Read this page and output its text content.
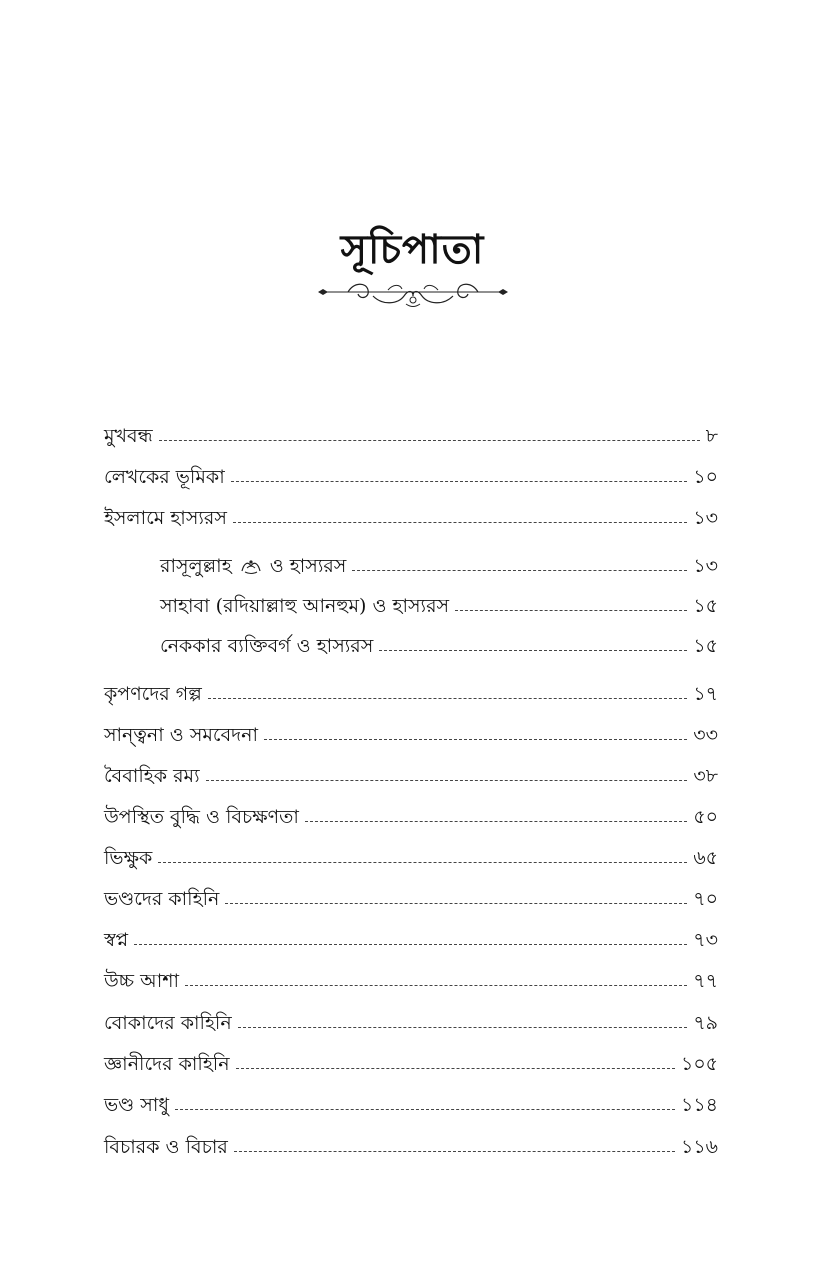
সূচিপাতা
মুখবন্ধ	৮
লেখকের ভূমিকা	১০
ইসলামে হাস্যরস	১৩
রাসূলুল্লাহ ও হাস্যরস	১৩
সাহাবা (রদিয়াল্লাহু আনহুম) ও হাস্যরস	১৫
নেককার ব্যক্তিবর্গ ও হাস্যরস	১৫
কৃপণদের গল্প	১৭
সান্ত্বনা ও সমবেদনা	৩৩
বৈবাহিক রম্য	৩৮
উপস্থিত বুদ্ধি ও বিচক্ষণতা	৫০
ভিক্ষুক	৬৫
ভণ্ডদের কাহিনি	৭০
স্বপ্ন	৭৩
উচ্চ আশা	৭৭
বোকাদের কাহিনি	৭৯
জ্ঞানীদের কাহিনি	১০৫
ভণ্ড সাধু	১১৪
বিচারক ও বিচার	১১৬
